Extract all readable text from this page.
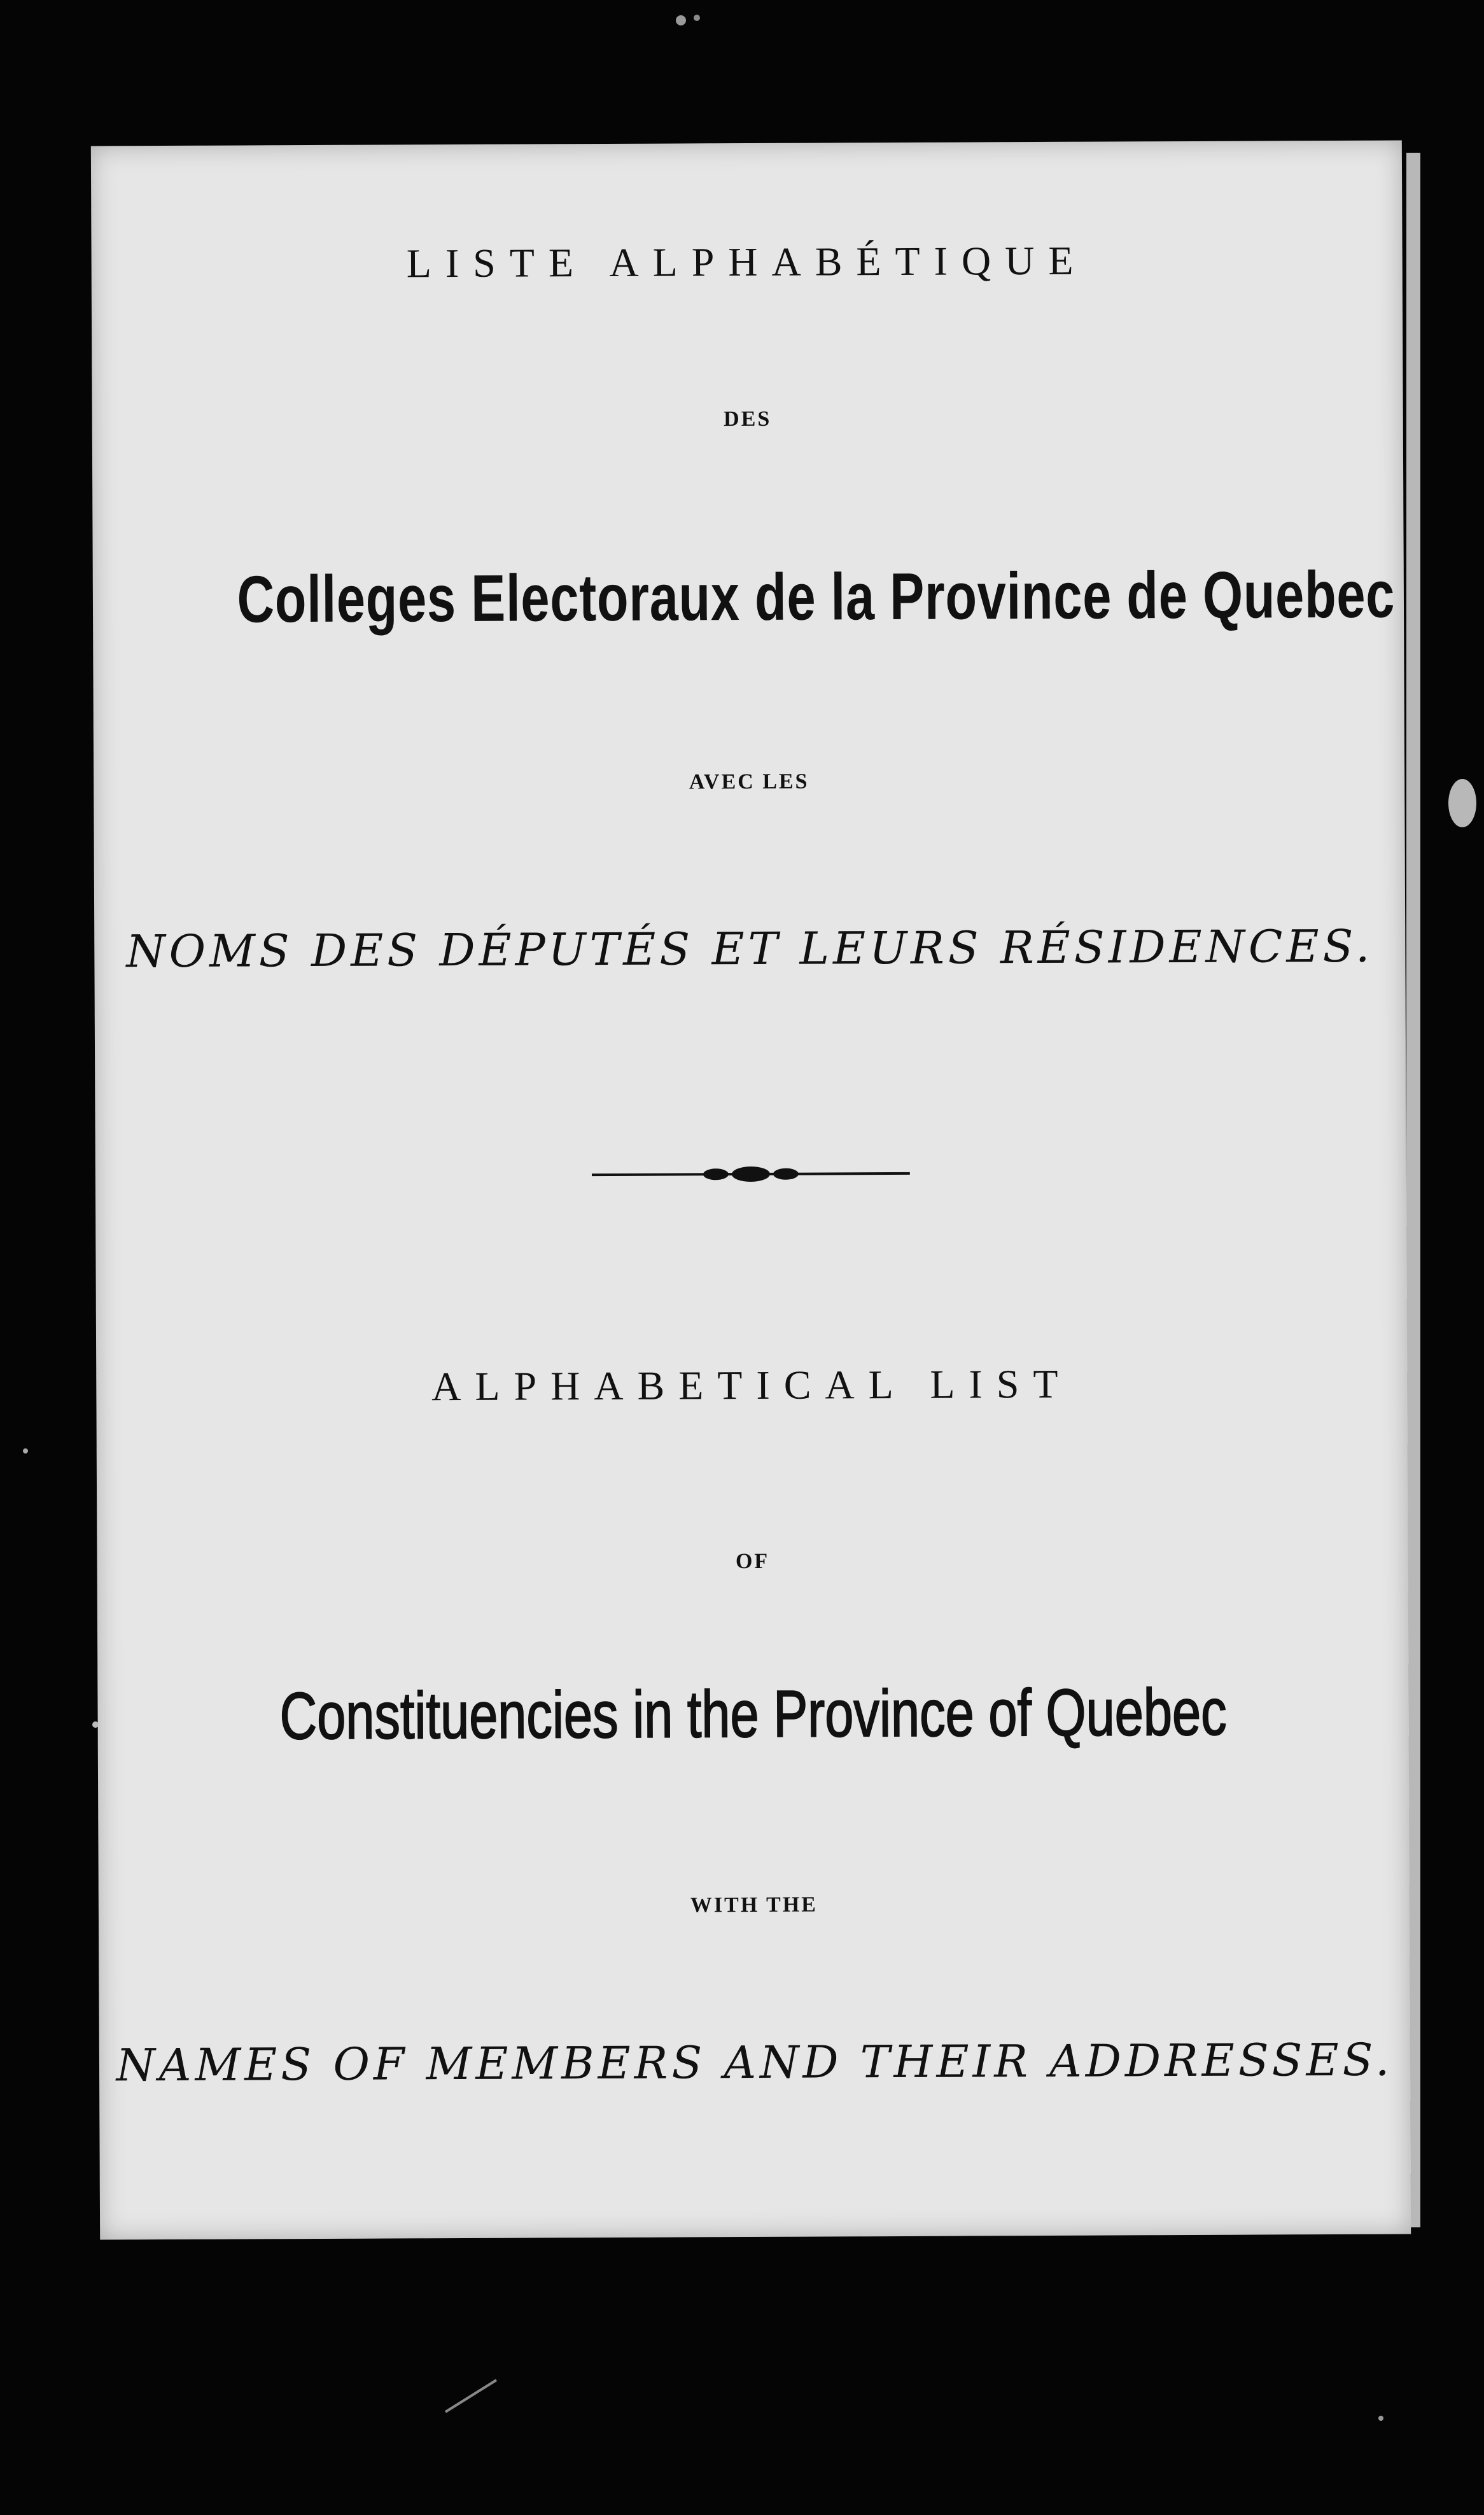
LISTE ALPHABÉTIQUE
DES
Colleges Electoraux de la Province de Quebec
AVEC LES
NOMS DES DÉPUTÉS ET LEURS RÉSIDENCES.
ALPHABETICAL LIST
OF
Constituencies in the Province of Quebec
WITH THE
NAMES OF MEMBERS AND THEIR ADDRESSES.
